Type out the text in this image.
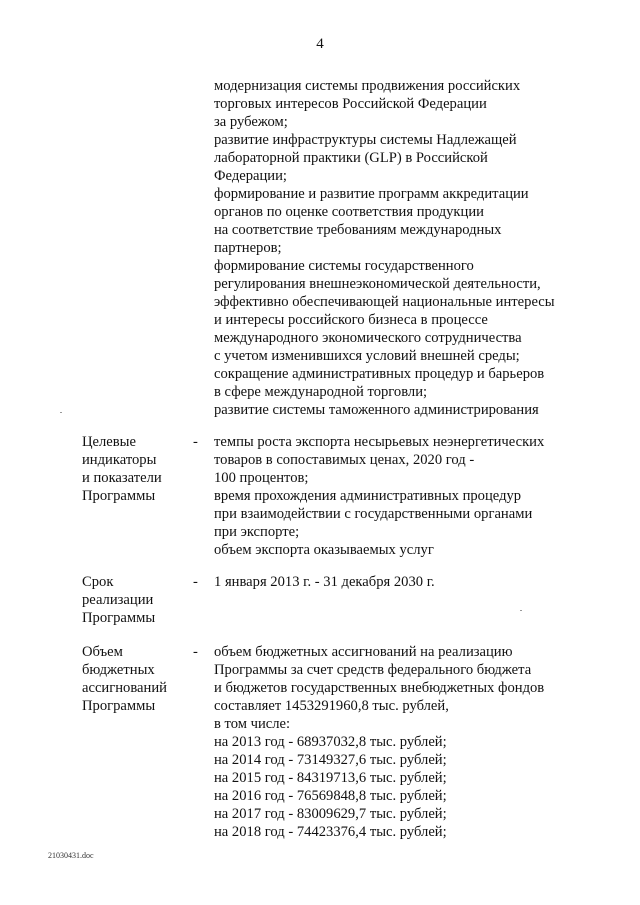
4
модернизация системы продвижения российских
торговых интересов Российской Федерации
за рубежом;
развитие инфраструктуры системы Надлежащей
лабораторной практики (GLP) в Российской
Федерации;
формирование и развитие программ аккредитации
органов по оценке соответствия продукции
на соответствие требованиям международных
партнеров;
формирование системы государственного
регулирования внешнеэкономической деятельности,
эффективно обеспечивающей национальные интересы
и интересы российского бизнеса в процессе
международного экономического сотрудничества
с учетом изменившихся условий внешней среды;
сокращение административных процедур и барьеров
в сфере международной торговли;
развитие системы таможенного администрирования
Целевые
индикаторы
и показатели
Программы
- темпы роста экспорта несырьевых неэнергетических
товаров в сопоставимых ценах, 2020 год -
100 процентов;
время прохождения административных процедур
при взаимодействии с государственными органами
при экспорте;
объем экспорта оказываемых услуг
Срок
реализации
Программы
- 1 января 2013 г. - 31 декабря 2030 г.
Объем
бюджетных
ассигнований
Программы
- объем бюджетных ассигнований на реализацию
Программы за счет средств федерального бюджета
и бюджетов государственных внебюджетных фондов
составляет 1453291960,8 тыс. рублей,
в том числе:
на 2013 год - 68937032,8 тыс. рублей;
на 2014 год - 73149327,6 тыс. рублей;
на 2015 год - 84319713,6 тыс. рублей;
на 2016 год - 76569848,8 тыс. рублей;
на 2017 год - 83009629,7 тыс. рублей;
на 2018 год - 74423376,4 тыс. рублей;
21030431.doc
